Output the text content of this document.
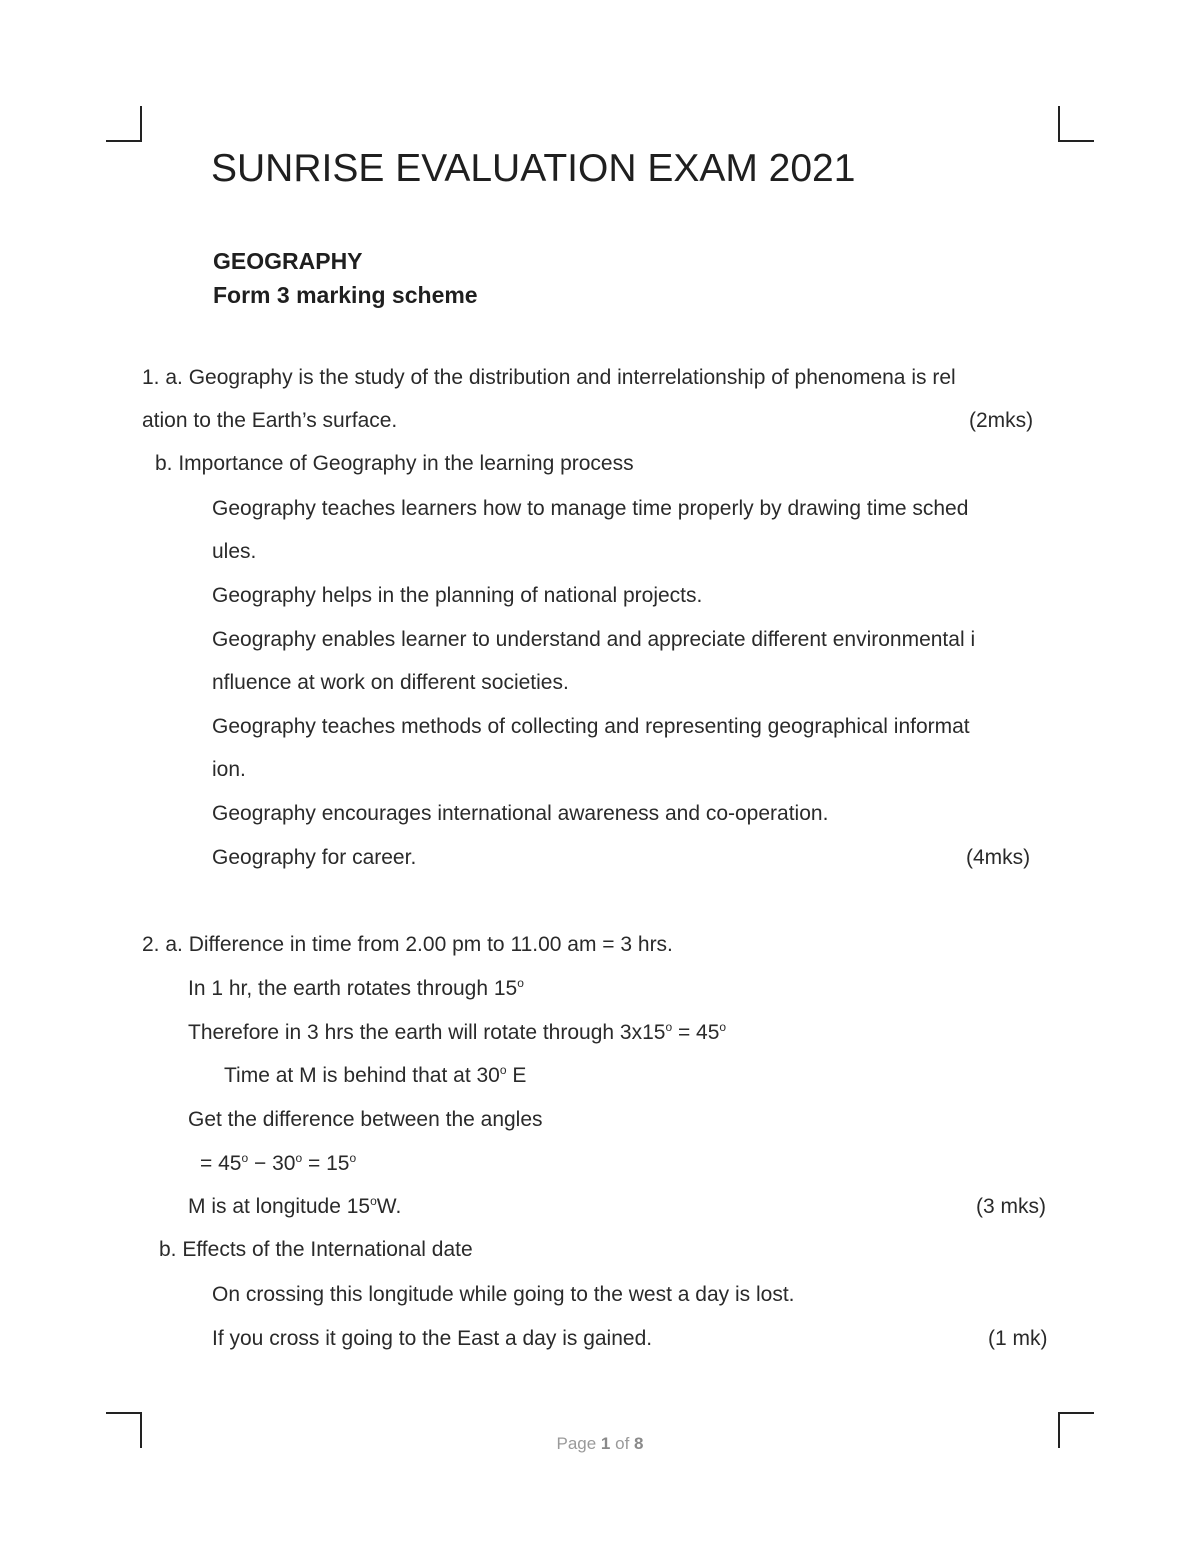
SUNRISE EVALUATION EXAM 2021
GEOGRAPHY
Form 3 marking scheme
1. a. Geography is the study of the distribution and interrelationship of phenomena is rel
ation to the Earth’s surface.	(2mks)
b. Importance of Geography in the learning process
Geography teaches learners how to manage time properly by drawing time sched
ules.
Geography helps in the planning of national projects.
Geography enables learner to understand and appreciate different environmental i
nfluence at work on different societies.
Geography teaches methods of collecting and representing geographical informat
ion.
Geography encourages international awareness and co-operation.
Geography for career.	(4mks)
2. a. Difference in time from 2.00 pm to 11.00 am = 3 hrs.
In 1 hr, the earth rotates through 15$^o$
Therefore in 3 hrs the earth will rotate through $3x15^o = 45^o$
Time at M is behind that at 30$^o$ E
Get the difference between the angles
= $45^o - 30^o = 15^o$
M is at longitude 15$^o$W.	(3 mks)
b. Effects of the International date
On crossing this longitude while going to the west a day is lost.
If you cross it going to the East a day is gained.	(1 mk)
Page 1 of 8
